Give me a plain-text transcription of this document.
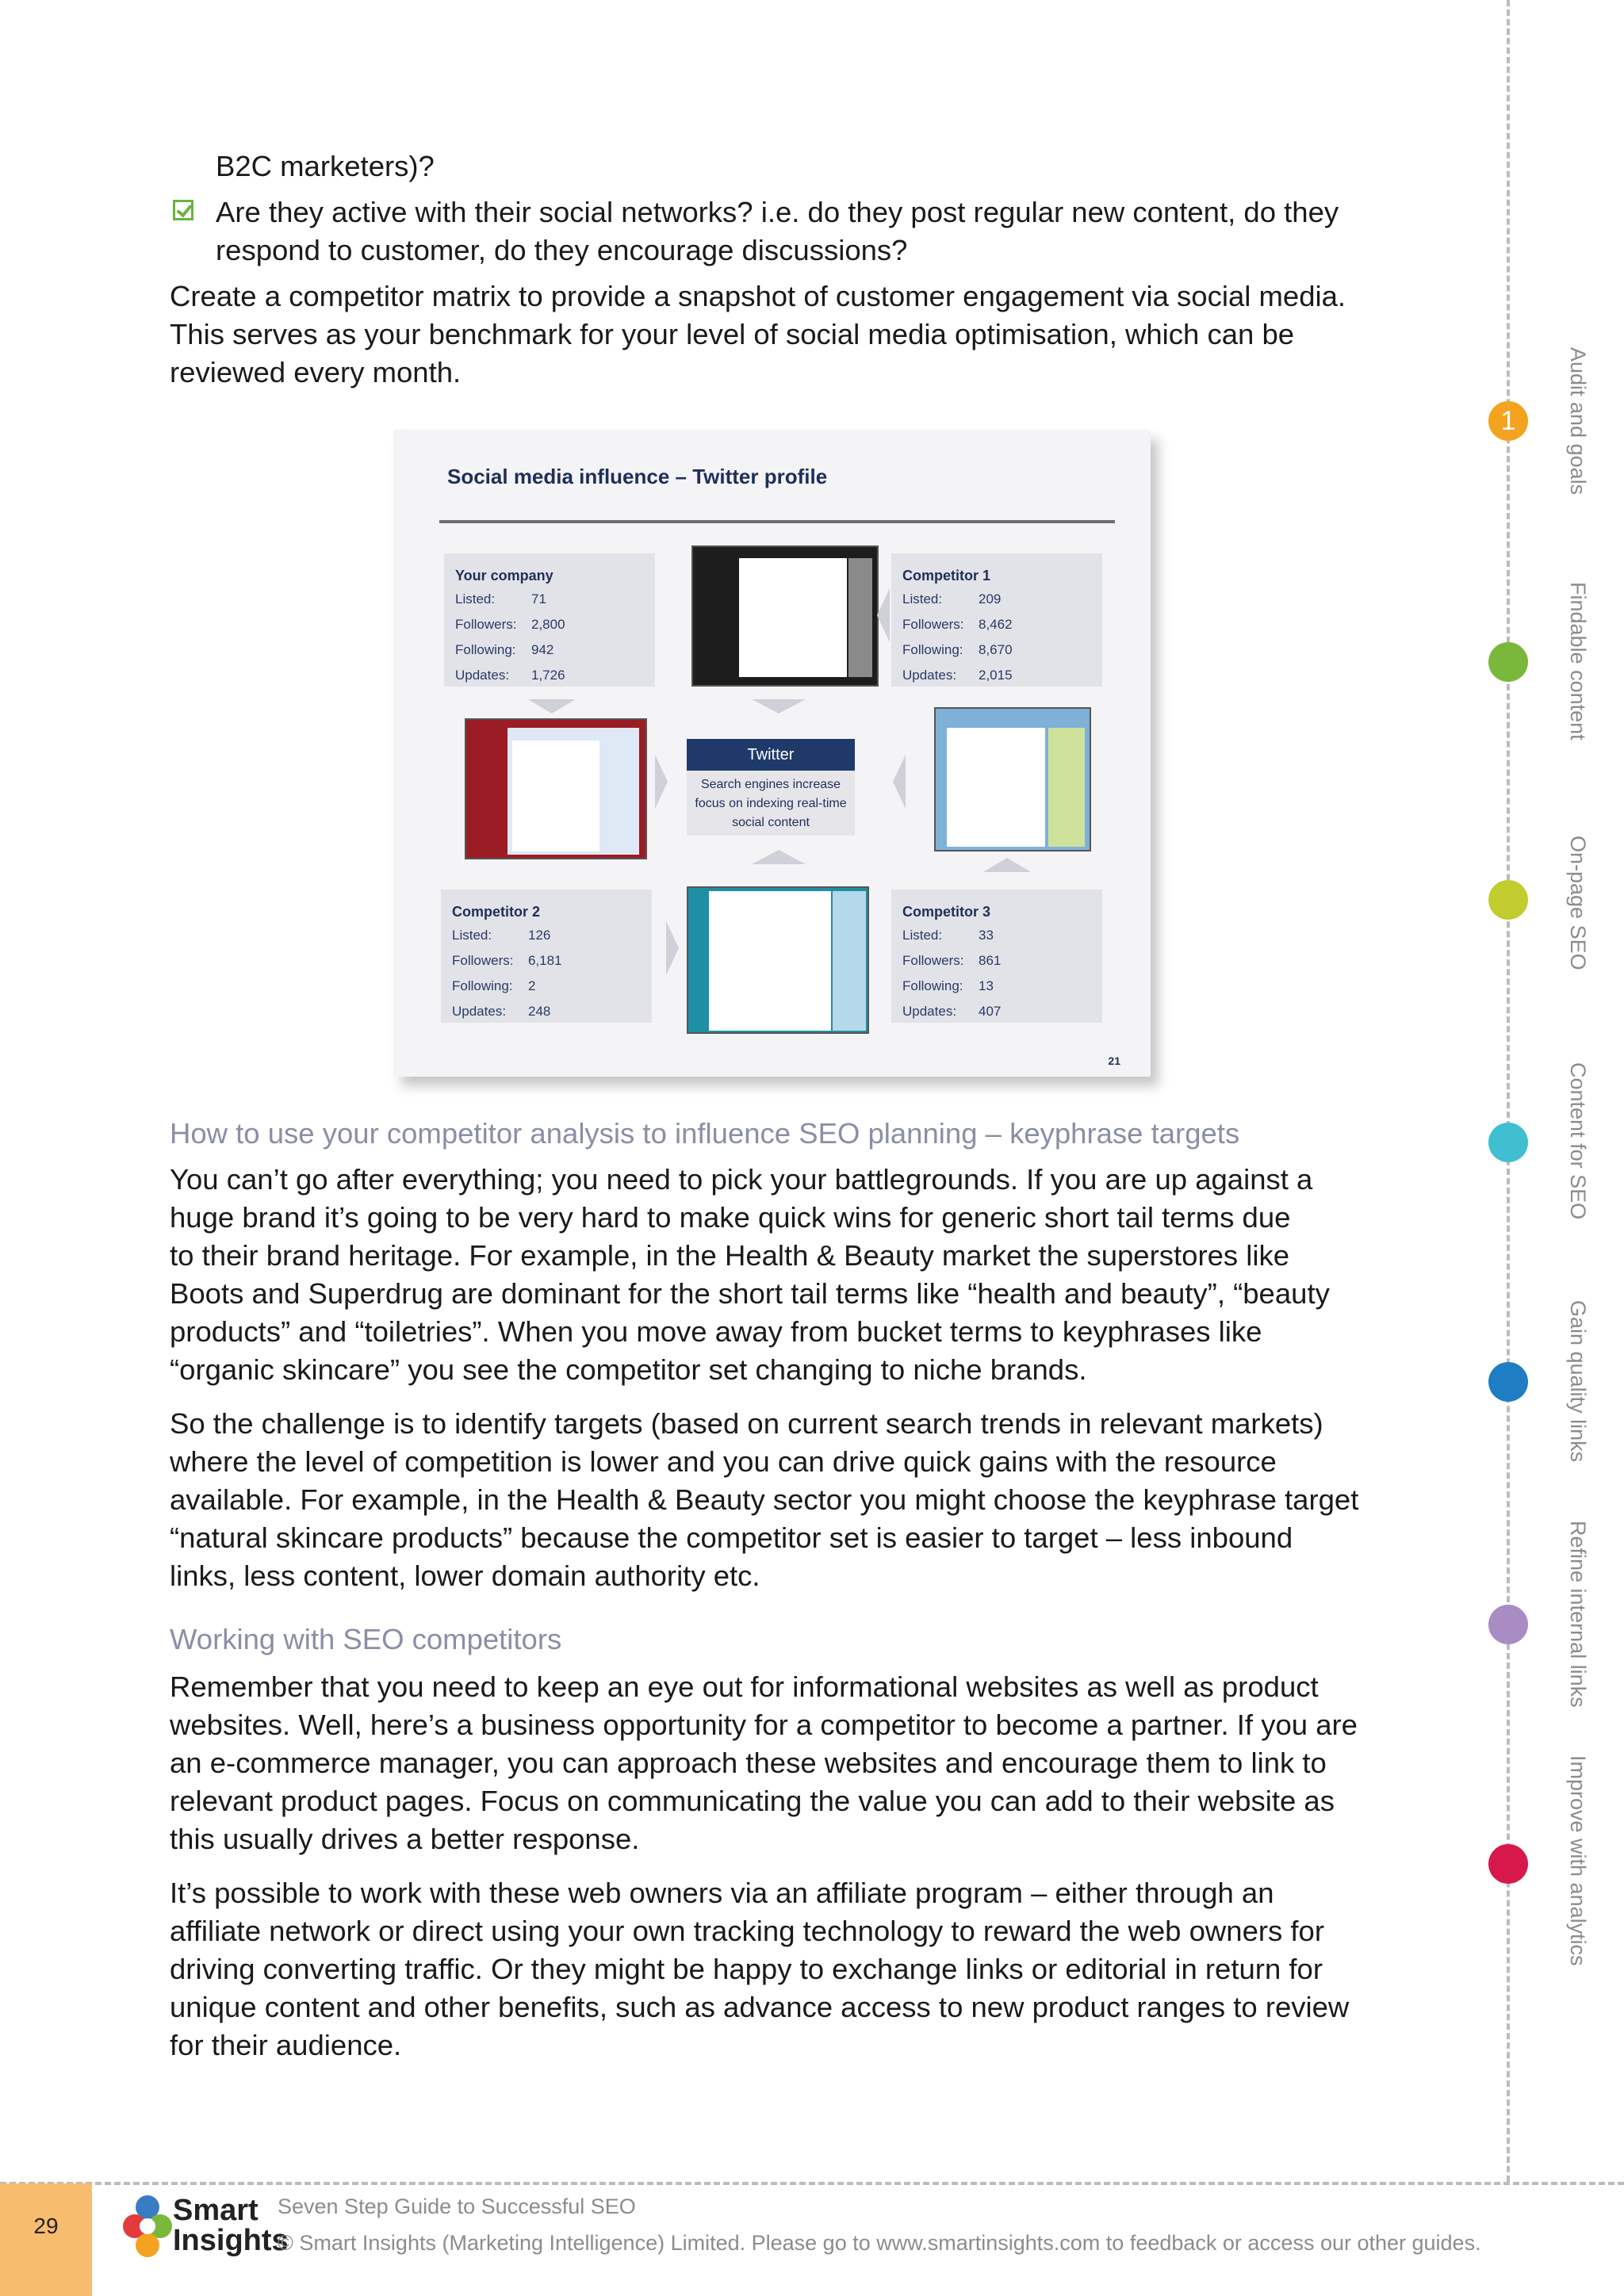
B2C marketers)?
Are they active with their social networks? i.e. do they post regular new content, do they
respond to customer, do they encourage discussions?
Create a competitor matrix to provide a snapshot of customer engagement via social media.
This serves as your benchmark for your level of social media optimisation, which can be
reviewed every month.
Social media influence – Twitter profile
Your company
Listed:	71
Followers: 2,800
Following: 942
Updates: 1,726
Competitor 1
Listed:	209
Followers: 8,462
Following: 8,670
Updates: 2,015
Competitor 2
Listed:	126
Followers: 6,181
Following: 2
Updates: 248
Competitor 3
Listed:	33
Followers: 861
Following: 13
Updates: 407
Twitter
Search engines increase
focus on indexing real-time
social content
21
How to use your competitor analysis to influence SEO planning – keyphrase targets
You can’t go after everything; you need to pick your battlegrounds. If you are up against a
huge brand it’s going to be very hard to make quick wins for generic short tail terms due
to their brand heritage. For example, in the Health & Beauty market the superstores like
Boots and Superdrug are dominant for the short tail terms like “health and beauty”, “beauty
products” and “toiletries”. When you move away from bucket terms to keyphrases like
“organic skincare” you see the competitor set changing to niche brands.
So the challenge is to identify targets (based on current search trends in relevant markets)
where the level of competition is lower and you can drive quick gains with the resource
available. For example, in the Health & Beauty sector you might choose the keyphrase target
“natural skincare products” because the competitor set is easier to target – less inbound
links, less content, lower domain authority etc.
Working with SEO competitors
Remember that you need to keep an eye out for informational websites as well as product
websites. Well, here’s a business opportunity for a competitor to become a partner. If you are
an e-commerce manager, you can approach these websites and encourage them to link to
relevant product pages. Focus on communicating the value you can add to their website as
this usually drives a better response.
It’s possible to work with these web owners via an affiliate program – either through an
affiliate network or direct using your own tracking technology to reward the web owners for
driving converting traffic. Or they might be happy to exchange links or editorial in return for
unique content and other benefits, such as advance access to new product ranges to review
for their audience.
1	Audit and goals
Findable content
On-page SEO
Content for SEO
Gain quality links
Refine internal links
Improve with analytics
29	Smart
Insights
Seven Step Guide to Successful SEO
© Smart Insights (Marketing Intelligence) Limited. Please go to www.smartinsights.com to feedback or access our other guides.
